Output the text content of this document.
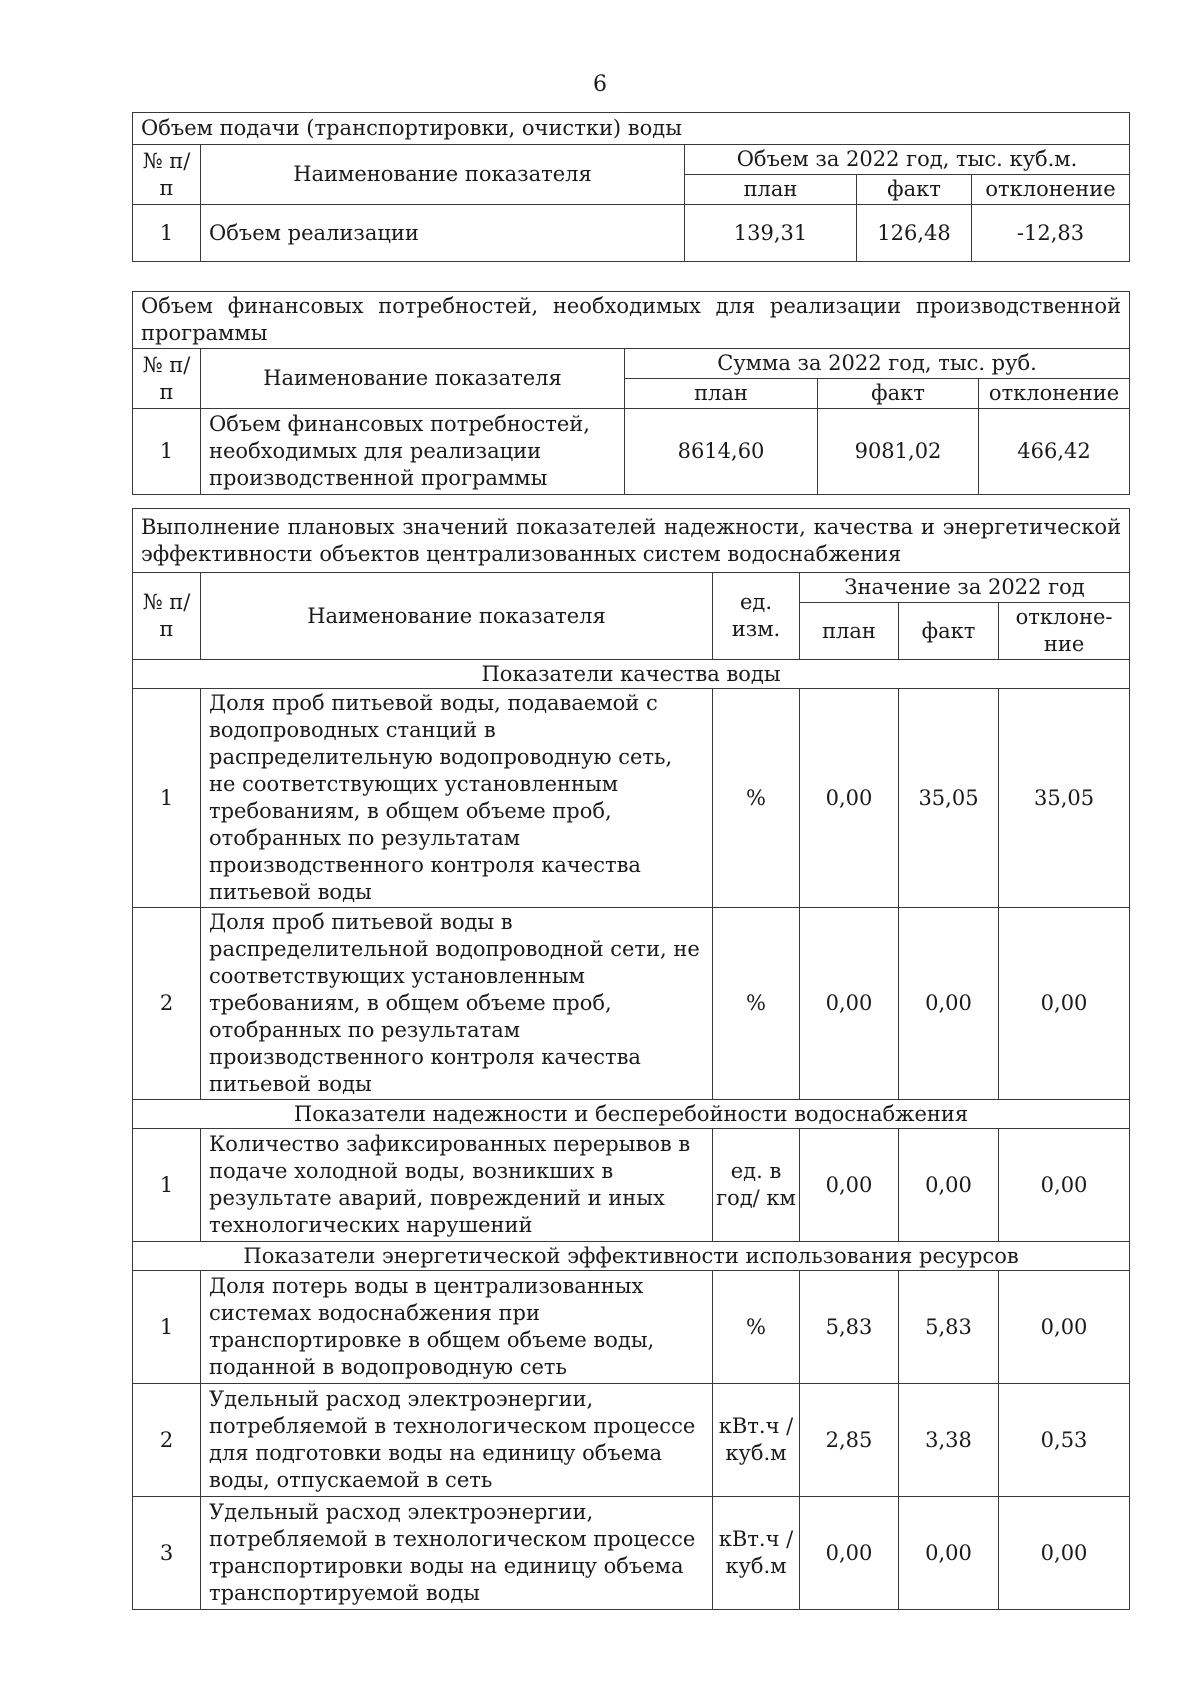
6
Объем подачи (транспортировки, очистки) воды				
№ п/п	Наименование показателя	Объем за 2022 год, тыс. куб.м.		
		план	факт	отклонение
1	Объем реализации	139,31	126,48	-12,83
Объем финансовых потребностей, необходимых для реализации производственной
программы				

№ п/п	Наименование показателя	Сумма за 2022 год, тыс. руб.		
		план	факт	отклонение
1	Объем финансовых потребностей, необходимых для реализации производственной программы	8614,60	9081,02	466,42
Выполнение плановых значений показателей надежности, качества и энергетической
эффективности объектов централизованных систем водоснабжения					

№ п/п	Наименование показателя	ед. изм.	Значение за 2022 год		
			план	факт	отклоне-ние
Показатели качества воды					
1	Доля проб питьевой воды, подаваемой с водопроводных станций в распределительную водопроводную сеть, не соответствующих установленным требованиям, в общем объеме проб, отобранных по результатам производственного контроля качества питьевой воды	%	0,00	35,05	35,05
2	Доля проб питьевой воды в распределительной водопроводной сети, не соответствующих установленным требованиям, в общем объеме проб, отобранных по результатам производственного контроля качества питьевой воды	%	0,00	0,00	0,00
Показатели надежности и бесперебойности водоснабжения					
1	Количество зафиксированных перерывов в подаче холодной воды, возникших в результате аварий, повреждений и иных технологических нарушений	ед. в год/ км	0,00	0,00	0,00
Показатели энергетической эффективности использования ресурсов					
1	Доля потерь воды в централизованных системах водоснабжения при транспортировке в общем объеме воды, поданной в водопроводную сеть	%	5,83	5,83	0,00
2	Удельный расход электроэнергии, потребляемой в технологическом процессе для подготовки воды на единицу объема воды, отпускаемой в сеть	кВт.ч / куб.м	2,85	3,38	0,53
3	Удельный расход электроэнергии, потребляемой в технологическом процессе транспортировки воды на единицу объема транспортируемой воды	кВт.ч / куб.м	0,00	0,00	0,00
